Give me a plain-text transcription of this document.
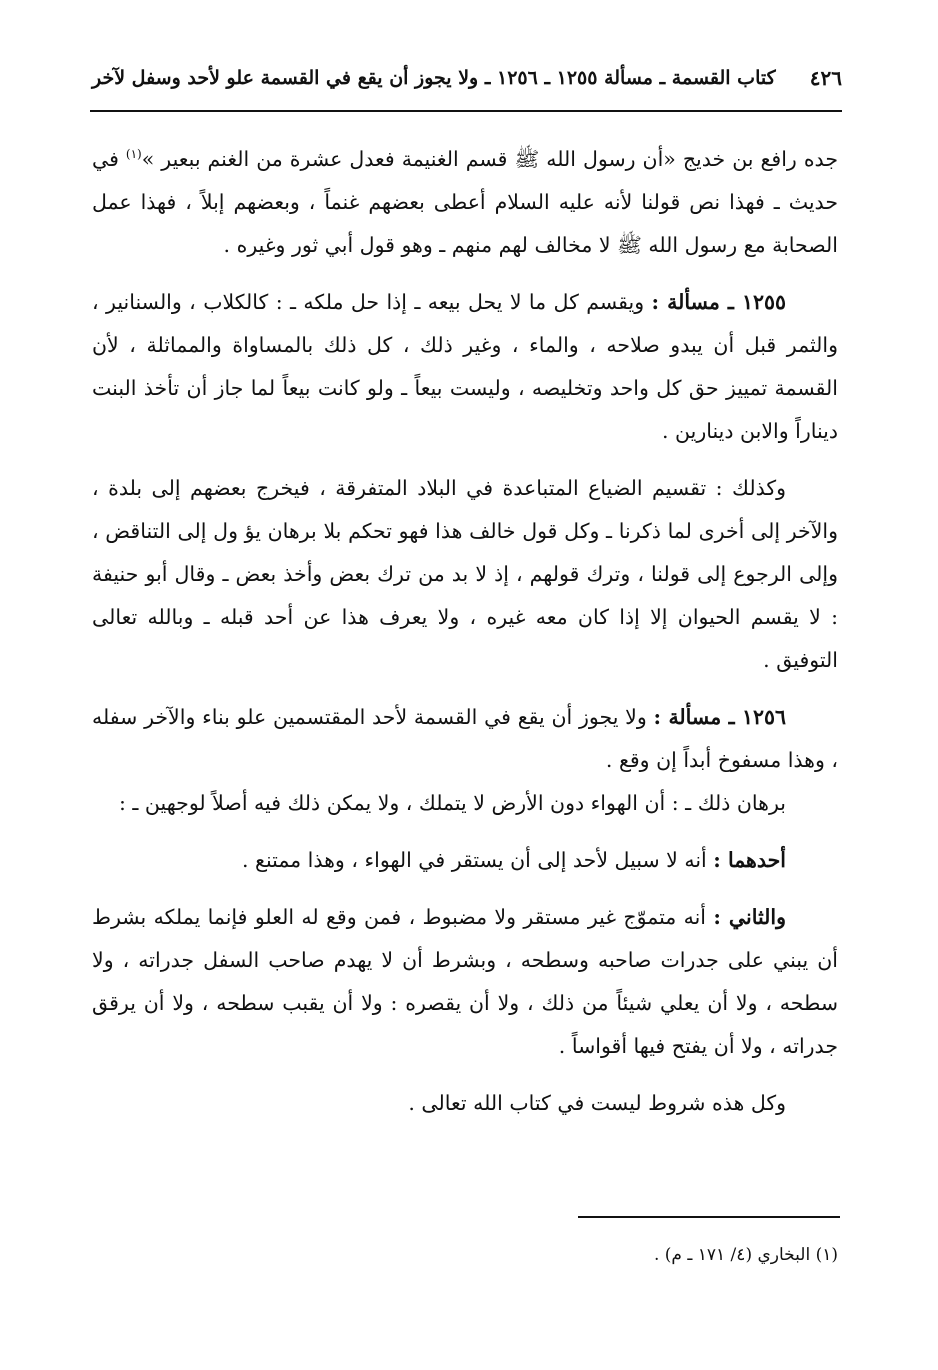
٤٢٦
كتاب القسمة ـ مسألة ١٢٥٥ ـ ١٢٥٦ ـ ولا يجوز أن يقع في القسمة علو لأحد وسفل لآخر

جده رافع بن خديج «أن رسول الله ﷺ قسم الغنيمة فعدل عشرة من الغنم ببعير »$^{(١)}$ في حديث ـ فهذا نص قولنا لأنه عليه السلام أعطى بعضهم غنماً ، وبعضهم إبلاً ، فهذا عمل الصحابة مع رسول الله ﷺ لا مخالف لهم منهم ـ وهو قول أبي ثور وغيره .

١٢٥٥ ـ مسألة : ويقسم كل ما لا يحل بيعه ـ إذا حل ملكه ـ : كالكلاب ، والسنانير ، والثمر قبل أن يبدو صلاحه ، والماء ، وغير ذلك ، كل ذلك بالمساواة والمماثلة ، لأن القسمة تمييز حق كل واحد وتخليصه ، وليست بيعاً ـ ولو كانت بيعاً لما جاز أن تأخذ البنت ديناراً والابن دينارين .

وكذلك : تقسيم الضياع المتباعدة في البلاد المتفرقة ، فيخرج بعضهم إلى بلدة ، والآخر إلى أخرى لما ذكرنا ـ وكل قول خالف هذا فهو تحكم بلا برهان يؤ ول إلى التناقض ، وإلى الرجوع إلى قولنا ، وترك قولهم ، إذ لا بد من ترك بعض وأخذ بعض ـ وقال أبو حنيفة : لا يقسم الحيوان إلا إذا كان معه غيره ، ولا يعرف هذا عن أحد قبله ـ وبالله تعالى التوفيق .

١٢٥٦ ـ مسألة : ولا يجوز أن يقع في القسمة لأحد المقتسمين علو بناء والآخر سفله ، وهذا مسفوخ أبداً إن وقع .

برهان ذلك ـ : أن الهواء دون الأرض لا يتملك ، ولا يمكن ذلك فيه أصلاً لوجهين ـ :

أحدهما : أنه لا سبيل لأحد إلى أن يستقر في الهواء ، وهذا ممتنع .

والثاني : أنه متموّج غير مستقر ولا مضبوط ، فمن وقع له العلو فإنما يملكه بشرط أن يبني على جدرات صاحبه وسطحه ، وبشرط أن لا يهدم صاحب السفل جدراته ، ولا سطحه ، ولا أن يعلي شيئاً من ذلك ، ولا أن يقصره : ولا أن يقبب سطحه ، ولا أن يرقق جدراته ، ولا أن يفتح فيها أقواساً .

وكل هذه شروط ليست في كتاب الله تعالى .

(١) البخاري (٤/ ١٧١ ـ م) .
